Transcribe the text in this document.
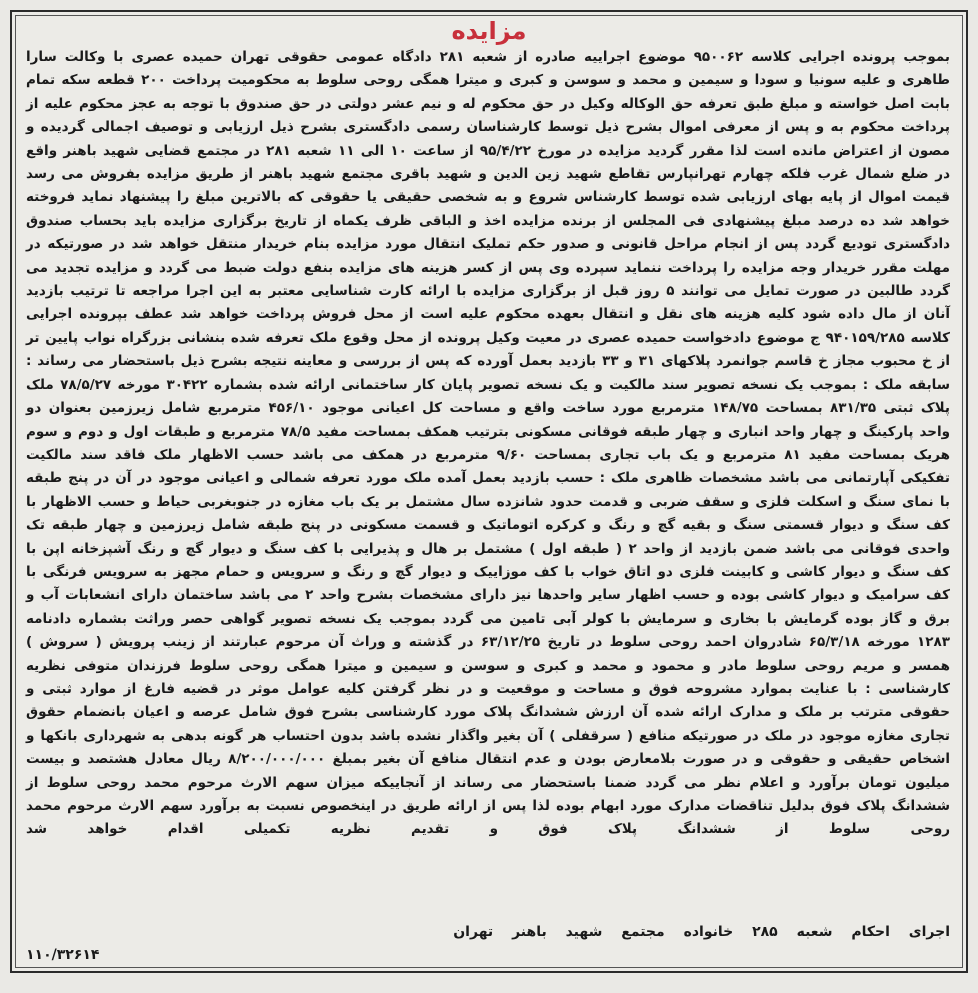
مزایده

بموجب پرونده اجرایی کلاسه ۹۵۰۰۶۲ موضوع اجراییه صادره از شعبه ۲۸۱ دادگاه عمومی حقوقی تهران حمیده عصری با وکالت سارا طاهری و علیه سونیا و سودا و سیمین و محمد و سوسن و کبری و میترا همگی روحی سلوط به محکومیت پرداخت ۲۰۰ قطعه سکه تمام بابت اصل خواسته و مبلغ طبق تعرفه حق الوکاله وکیل در حق محکوم له و نیم عشر دولتی در حق صندوق با توجه به عجز محکوم علیه از پرداخت محکوم به و پس از معرفی اموال بشرح ذیل توسط کارشناسان رسمی دادگستری بشرح ذیل ارزیابی و توصیف اجمالی گردیده و مصون از اعتراض مانده است لذا مقرر گردید مزایده در مورخ ۹۵/۴/۲۲ از ساعت ۱۰ الی ۱۱ شعبه ۲۸۱ در مجتمع قضایی شهید باهنر واقع در ضلع شمال غرب فلکه چهارم تهرانپارس تقاطع شهید زین الدین و شهید باقری مجتمع شهید باهنر از طریق مزایده بفروش می رسد قیمت اموال از پایه بهای ارزیابی شده توسط کارشناس شروع و به شخصی حقیقی یا حقوقی که بالاترین مبلغ را پیشنهاد نماید فروخته خواهد شد ده درصد مبلغ پیشنهادی فی المجلس از برنده مزایده اخذ و الباقی ظرف یکماه از تاریخ برگزاری مزایده باید بحساب صندوق دادگستری تودیع گردد پس از انجام مراحل قانونی و صدور حکم تملیک انتقال مورد مزایده بنام خریدار منتقل خواهد شد در صورتیکه در مهلت مقرر خریدار وجه مزایده را پرداخت ننماید سپرده وی پس از کسر هزینه های مزایده بنفع دولت ضبط می گردد و مزایده تجدید می گردد طالبین در صورت تمایل می توانند ۵ روز قبل از برگزاری مزایده با ارائه کارت شناسایی معتبر به این اجرا مراجعه تا ترتیب بازدید آنان از مال داده شود کلیه هزینه های نقل و انتقال بعهده محکوم علیه است از محل فروش پرداخت خواهد شد عطف بپرونده اجرایی کلاسه ۹۴۰۱۵۹/۲۸۵ ج موضوع دادخواست حمیده عصری در معیت وکیل پرونده از محل وقوع ملک تعرفه شده بنشانی بزرگراه نواب پایین تر از خ محبوب مجاز خ قاسم جوانمرد پلاکهای ۳۱ و ۳۳ بازدید بعمل آورده که پس از بررسی و معاینه نتیجه بشرح ذیل باستحضار می رساند : سابقه ملک : بموجب یک نسخه تصویر سند مالکیت و یک نسخه تصویر پایان کار ساختمانی ارائه شده بشماره ۳۰۴۲۲ مورخه ۷۸/۵/۲۷ ملک پلاک ثبتی ۸۳۱/۳۵ بمساحت ۱۴۸/۷۵ مترمربع مورد ساخت واقع و مساحت کل اعیانی موجود ۴۵۶/۱۰ مترمربع شامل زیرزمین بعنوان دو واحد پارکینگ و چهار واحد انباری و چهار طبقه فوقانی مسکونی بترتیب همکف بمساحت مفید ۷۸/۵ مترمربع و طبقات اول و دوم و سوم هریک بمساحت مفید ۸۱ مترمربع و یک باب تجاری بمساحت ۹/۶۰ مترمربع در همکف می باشد حسب الاظهار ملک فاقد سند مالکیت تفکیکی آپارتمانی می باشد مشخصات ظاهری ملک : حسب بازدید بعمل آمده ملک مورد تعرفه شمالی و اعیانی موجود در آن در پنج طبقه با نمای سنگ و اسکلت فلزی و سقف ضربی و قدمت حدود شانزده سال مشتمل بر یک باب مغازه در جنوبغربی حیاط و حسب الاظهار با کف سنگ و دیوار قسمتی سنگ و بقیه گچ و رنگ و کرکره اتوماتیک و قسمت مسکونی در پنج طبقه شامل زیرزمین و چهار طبقه تک واحدی فوقانی می باشد ضمن بازدید از واحد ۲ ( طبقه اول ) مشتمل بر هال و پذیرایی با کف سنگ و دیوار گچ و رنگ آشپزخانه اپن با کف سنگ و دیوار کاشی و کابینت فلزی دو اتاق خواب با کف موزاییک و دیوار گچ و رنگ و سرویس و حمام مجهز به سرویس فرنگی با کف سرامیک و دیوار کاشی بوده و حسب اظهار سایر واحدها نیز دارای مشخصات بشرح واحد ۲ می باشد ساختمان دارای انشعابات آب و برق و گاز بوده گرمایش با بخاری و سرمایش با کولر آبی تامین می گردد بموجب یک نسخه تصویر گواهی حصر وراثت بشماره دادنامه ۱۲۸۳ مورخه ۶۵/۳/۱۸ شادروان احمد روحی سلوط در تاریخ ۶۳/۱۲/۲۵ در گذشته و وراث آن مرحوم عبارتند از زینب پرویش ( سروش ) همسر و مریم روحی سلوط مادر و محمود و محمد و کبری و سوسن و سیمین و میترا همگی روحی سلوط فرزندان متوفی نظریه کارشناسی : با عنایت بموارد مشروحه فوق و مساحت و موقعیت و در نظر گرفتن کلیه عوامل موثر در قضیه فارغ از موارد ثبتی و حقوقی مترتب بر ملک و مدارک ارائه شده آن ارزش ششدانگ پلاک مورد کارشناسی بشرح فوق شامل عرصه و اعیان بانضمام حقوق تجاری مغازه موجود در ملک در صورتیکه منافع ( سرقفلی ) آن بغیر واگذار نشده باشد بدون احتساب هر گونه بدهی به شهرداری بانکها و اشخاص حقیقی و حقوقی و در صورت بلامعارض بودن و عدم انتقال منافع آن بغیر بمبلغ ۸/۲۰۰/۰۰۰/۰۰۰ ریال معادل هشتصد و بیست میلیون تومان برآورد و اعلام نظر می گردد ضمنا باستحضار می رساند از آنجاییکه میزان سهم الارث مرحوم محمد روحی سلوط از ششدانگ پلاک فوق بدلیل تناقضات مدارک مورد ابهام بوده لذا پس از ارائه طریق در اینخصوص نسبت به برآورد سهم الارث مرحوم محمد روحی سلوط از ششدانگ پلاک فوق و تقدیم نظریه تکمیلی اقدام خواهد شد

اجرای احکام شعبه ۲۸۵ خانواده مجتمع شهید باهنر تهران
۱۱۰/۳۲۶۱۴
